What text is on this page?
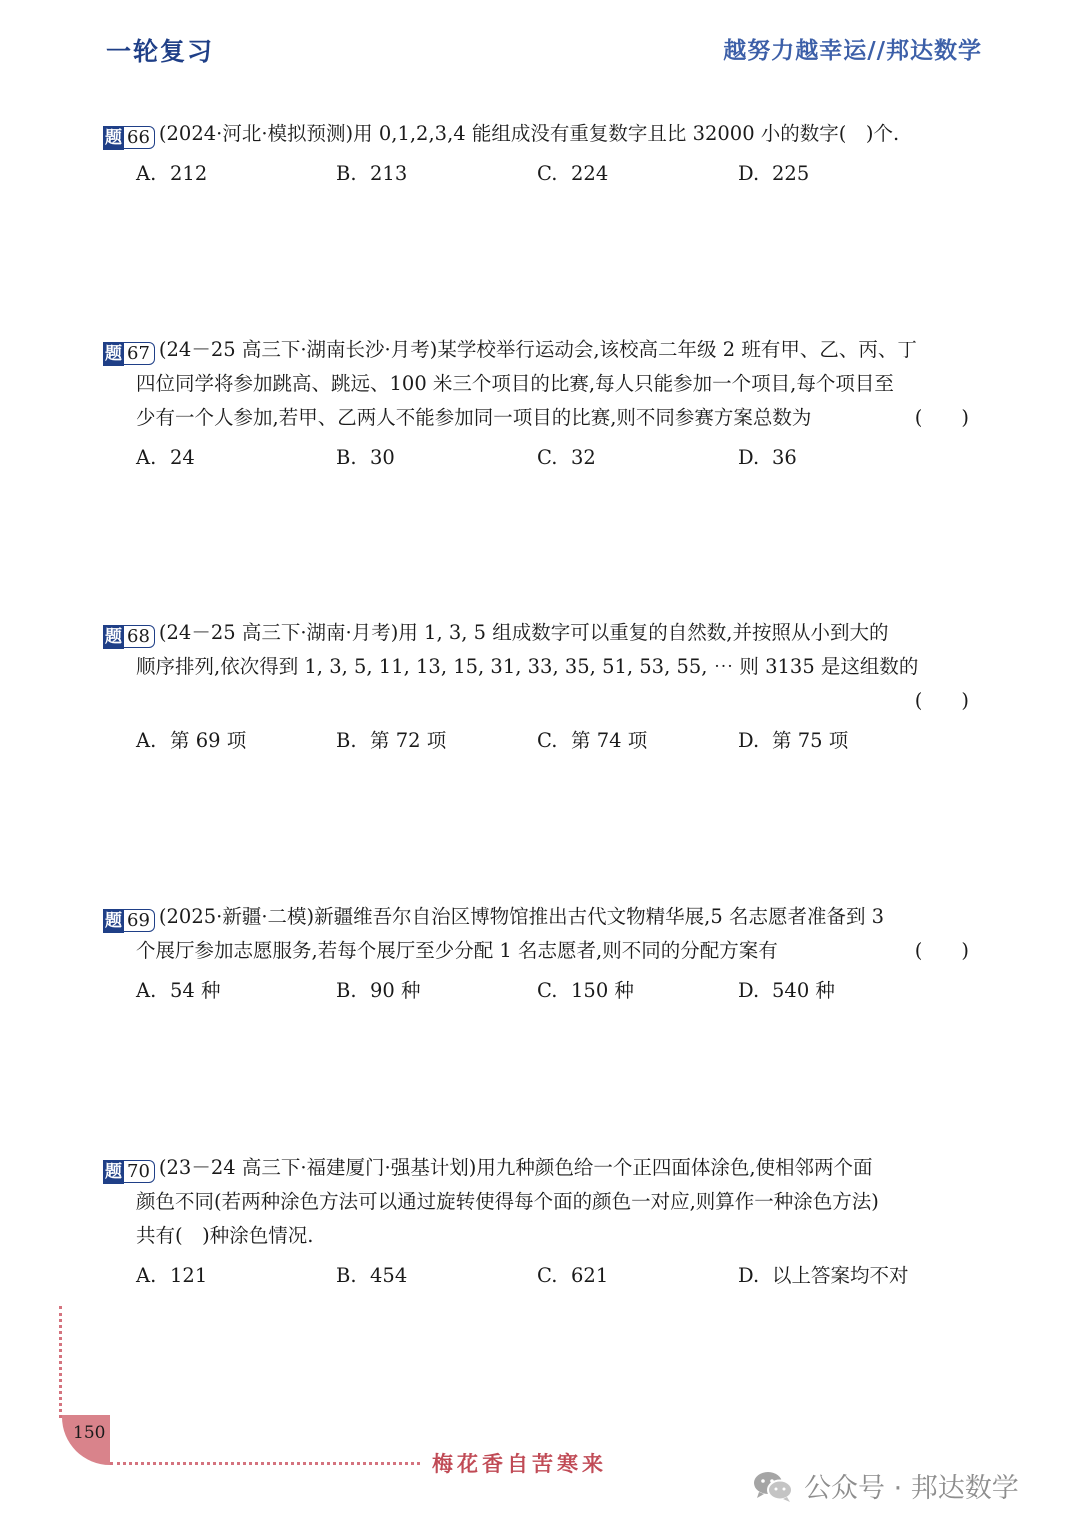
一轮复习	越努力越幸运//邦达数学
题 66 (2024·河北·模拟预测)用 0,1,2,3,4 能组成没有重复数字且比 32000 小的数字(　)个.
A. 212	B. 213	C. 224	D. 225
题 67 (24－25 高三下·湖南长沙·月考)某学校举行运动会,该校高二年级 2 班有甲、乙、丙、丁
四位同学将参加跳高、跳远、100 米三个项目的比赛,每人只能参加一个项目,每个项目至
少有一个人参加,若甲、乙两人不能参加同一项目的比赛,则不同参赛方案总数为	(　　)
A. 24	B. 30	C. 32	D. 36
题 68 (24－25 高三下·湖南·月考)用 1, 3, 5 组成数字可以重复的自然数,并按照从小到大的
顺序排列,依次得到 1, 3, 5, 11, 13, 15, 31, 33, 35, 51, 53, 55, ⋯ 则 3135 是这组数的
(　　)
A. 第 69 项	B. 第 72 项	C. 第 74 项	D. 第 75 项
题 69 (2025·新疆·二模)新疆维吾尔自治区博物馆推出古代文物精华展,5 名志愿者准备到 3
个展厅参加志愿服务,若每个展厅至少分配 1 名志愿者,则不同的分配方案有	(　　)
A. 54 种	B. 90 种	C. 150 种	D. 540 种
题 70 (23－24 高三下·福建厦门·强基计划)用九种颜色给一个正四面体涂色,使相邻两个面
颜色不同(若两种涂色方法可以通过旋转使得每个面的颜色一对应,则算作一种涂色方法)
共有(　)种涂色情况.
A. 121	B. 454	C. 621	D. 以上答案均不对
150
梅花香自苦寒来
公众号 · 邦达数学
